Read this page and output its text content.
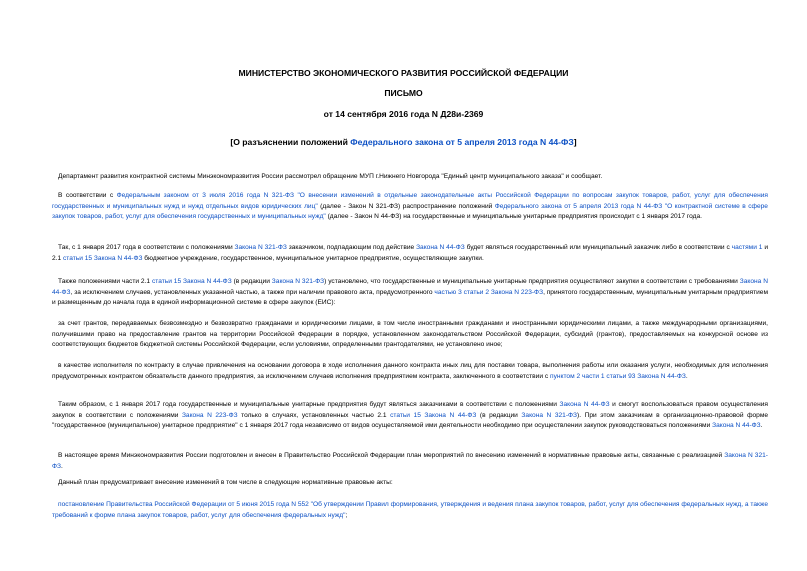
МИНИСТЕРСТВО ЭКОНОМИЧЕСКОГО РАЗВИТИЯ РОССИЙСКОЙ ФЕДЕРАЦИИ
ПИСЬМО
от 14 сентября 2016 года N Д28и-2369
[О разъяснении положений Федерального закона от 5 апреля 2013 года N 44-ФЗ]
Департамент развития контрактной системы Минэкономразвития России рассмотрел обращение МУП г.Нижнего Новгорода "Единый центр муниципального заказа" и сообщает.
В соответствии с Федеральным законом от 3 июля 2016 года N 321-ФЗ "О внесении изменений в отдельные законодательные акты Российской Федерации по вопросам закупок товаров, работ, услуг для обеспечения государственных и муниципальных нужд и нужд отдельных видов юридических лиц" (далее - Закон N 321-ФЗ) распространение положений Федерального закона от 5 апреля 2013 года N 44-ФЗ "О контрактной системе в сфере закупок товаров, работ, услуг для обеспечения государственных и муниципальных нужд" (далее - Закон N 44-ФЗ) на государственные и муниципальные унитарные предприятия происходит с 1 января 2017 года.
Так, с 1 января 2017 года в соответствии с положениями Закона N 321-ФЗ заказчиком, подпадающим под действие Закона N 44-ФЗ будет являться государственный или муниципальный заказчик либо в соответствии с частями 1 и 2.1 статьи 15 Закона N 44-ФЗ бюджетное учреждение, государственное, муниципальное унитарное предприятие, осуществляющие закупки.
Также положениями части 2.1 статьи 15 Закона N 44-ФЗ (в редакции Закона N 321-ФЗ) установлено, что государственные и муниципальные унитарные предприятия осуществляют закупки в соответствии с требованиями Закона N 44-ФЗ, за исключением случаев, установленных указанной частью, а также при наличии правового акта, предусмотренного частью 3 статьи 2 Закона N 223-ФЗ, принятого государственным, муниципальным унитарным предприятием и размещенным до начала года в единой информационной системе в сфере закупок (ЕИС):
за счет грантов, передаваемых безвозмездно и безвозвратно гражданами и юридическими лицами, в том числе иностранными гражданами и иностранными юридическими лицами, а также международными организациями, получившими право на предоставление грантов на территории Российской Федерации в порядке, установленном законодательством Российской Федерации, субсидий (грантов), предоставляемых на конкурсной основе из соответствующих бюджетов бюджетной системы Российской Федерации, если условиями, определенными грантодателями, не установлено иное;
в качестве исполнителя по контракту в случае привлечения на основании договора в ходе исполнения данного контракта иных лиц для поставки товара, выполнения работы или оказания услуги, необходимых для исполнения предусмотренных контрактом обязательств данного предприятия, за исключением случаев исполнения предприятием контракта, заключенного в соответствии с пунктом 2 части 1 статьи 93 Закона N 44-ФЗ.
Таким образом, с 1 января 2017 года государственные и муниципальные унитарные предприятия будут являться заказчиками в соответствии с положениями Закона N 44-ФЗ и смогут воспользоваться правом осуществления закупок в соответствии с положениями Закона N 223-ФЗ только в случаях, установленных частью 2.1 статьи 15 Закона N 44-ФЗ (в редакции Закона N 321-ФЗ). При этом заказчикам в организационно-правовой форме "государственное (муниципальное) унитарное предприятие" с 1 января 2017 года независимо от видов осуществляемой ими деятельности необходимо при осуществлении закупок руководствоваться положениями Закона N 44-ФЗ.
В настоящее время Минэкономразвития России подготовлен и внесен в Правительство Российской Федерации план мероприятий по внесению изменений в нормативные правовые акты, связанные с реализацией Закона N 321-ФЗ.
Данный план предусматривает внесение изменений в том числе в следующие нормативные правовые акты:
постановление Правительства Российской Федерации от 5 июня 2015 года N 552 "Об утверждении Правил формирования, утверждения и ведения плана закупок товаров, работ, услуг для обеспечения федеральных нужд, а также требований к форме плана закупок товаров, работ, услуг для обеспечения федеральных нужд";
